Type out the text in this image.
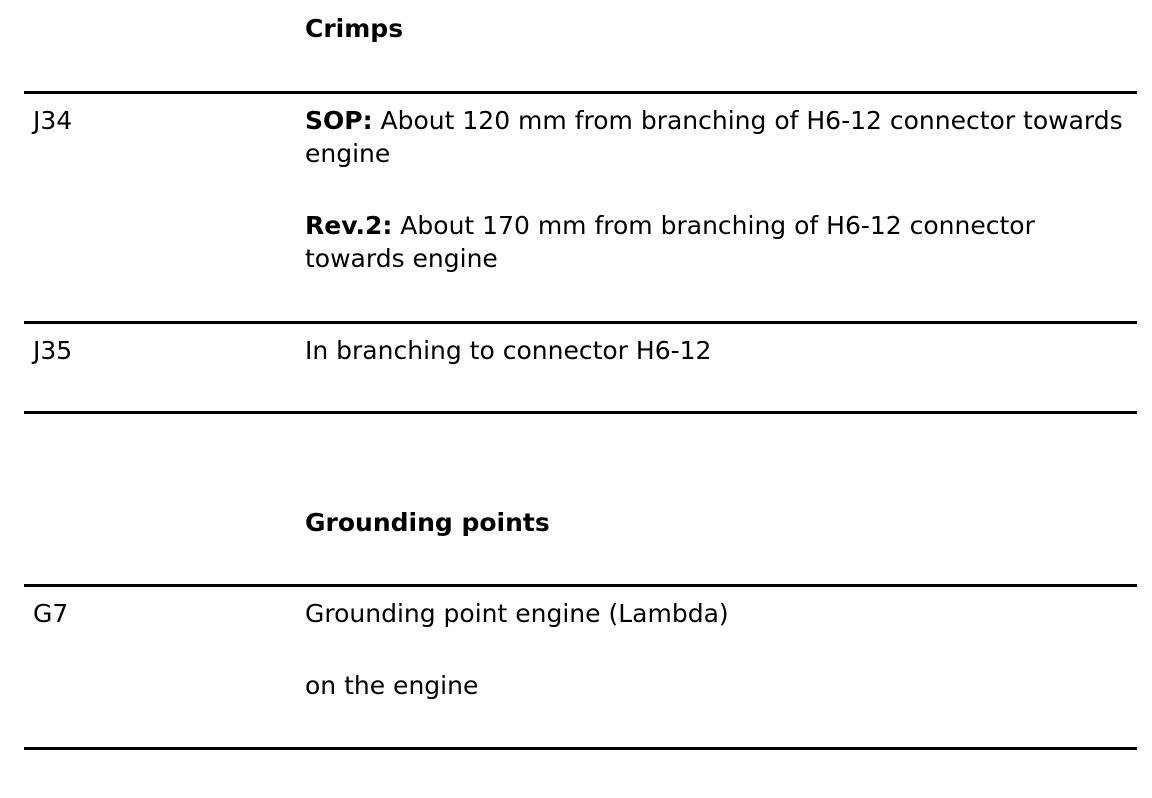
Crimps
J34	SOP: About 120 mm from branching of H6-12 connector towards engine

Rev.2: About 170 mm from branching of H6-12 connector towards engine

J35	In branching to connector H6-12
Grounding points
G7	Grounding point engine (Lambda)

on the engine
